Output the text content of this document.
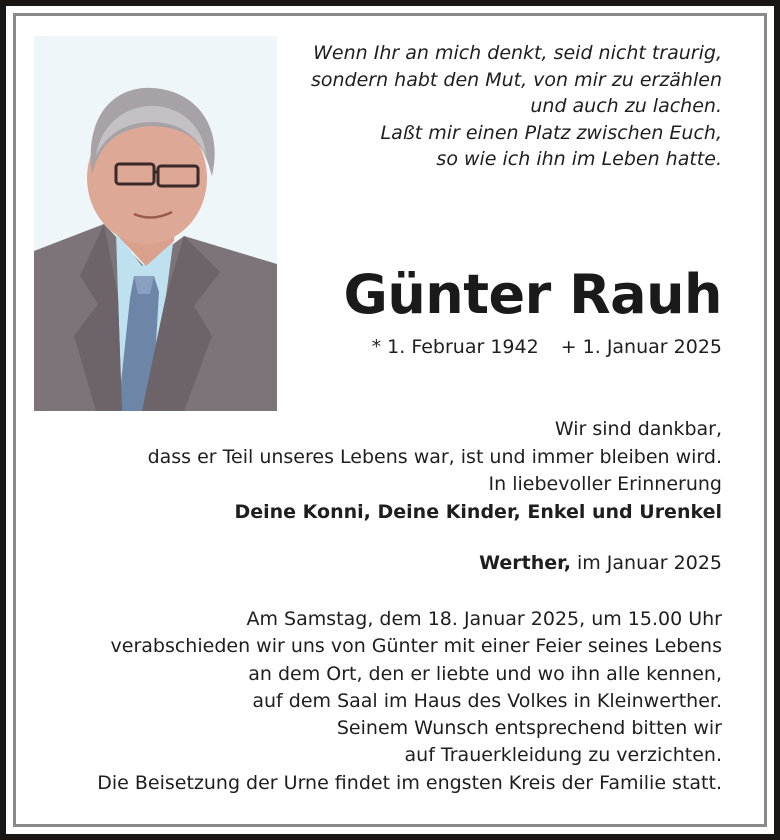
Wenn Ihr an mich denkt, seid nicht traurig,
sondern habt den Mut, von mir zu erzählen
und auch zu lachen.
Laßt mir einen Platz zwischen Euch,
so wie ich ihn im Leben hatte.
Günter Rauh
* 1. Februar 1942 + 1. Januar 2025
Wir sind dankbar,
dass er Teil unseres Lebens war, ist und immer bleiben wird.
In liebevoller Erinnerung
Deine Konni, Deine Kinder, Enkel und Urenkel
Werther, im Januar 2025
Am Samstag, dem 18. Januar 2025, um 15.00 Uhr
verabschieden wir uns von Günter mit einer Feier seines Lebens
an dem Ort, den er liebte und wo ihn alle kennen,
auf dem Saal im Haus des Volkes in Kleinwerther.
Seinem Wunsch entsprechend bitten wir
auf Trauerkleidung zu verzichten.
Die Beisetzung der Urne findet im engsten Kreis der Familie statt.
